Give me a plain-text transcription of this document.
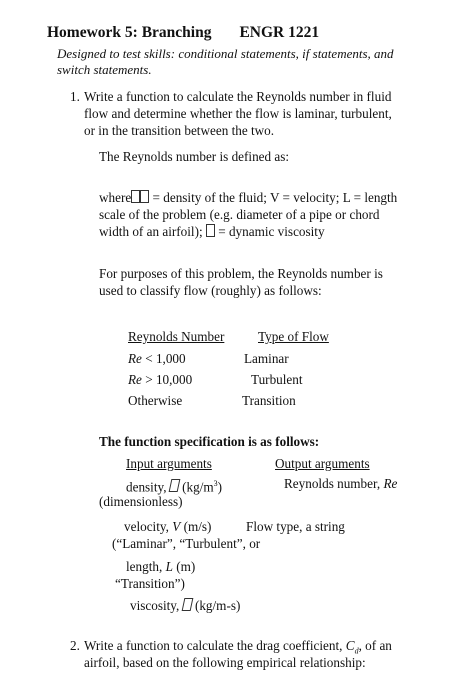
Homework 5: Branching ENGR 1221
Designed to test skills: conditional statements, if statements, and
switch statements.
1. Write a function to calculate the Reynolds number in fluid
flow and determine whether the flow is laminar, turbulent,
or in the transition between the two.
The Reynolds number is defined as:
where = density of the fluid; V = velocity; L = length
scale of the problem (e.g. diameter of a pipe or chord
width of an airfoil);  = dynamic viscosity
For purposes of this problem, the Reynolds number is
used to classify flow (roughly) as follows:
Reynolds Number	Type of Flow
Re < 1,000	Laminar
Re > 10,000	Turbulent
Otherwise	Transition
The function specification is as follows:
Input arguments	Output arguments
density,  $(kg/m^3)$	Reynolds number, Re
(dimensionless)
velocity, V (m/s)	Flow type, a string
(“Laminar”, “Turbulent”, or
length, L (m)
“Transition”)
viscosity,  (kg/m-s)
2. Write a function to calculate the drag coefficient, $C_d$, of an
airfoil, based on the following empirical relationship:
